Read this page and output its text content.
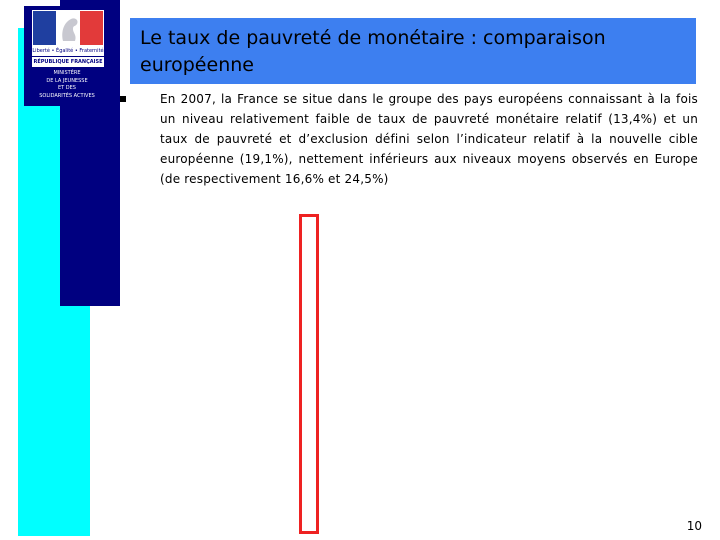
Liberté • Égalité • Fraternité
RÉPUBLIQUE FRANÇAISE
MINISTÈRE
DE LA JEUNESSE
ET DES
SOLIDARITÉS ACTIVES
Le taux de pauvreté de monétaire : comparaison
européenne
En 2007, la France se situe dans le groupe des pays européens connaissant à la fois un niveau relativement faible de taux de pauvreté monétaire relatif (13,4%) et un taux de pauvreté et d’exclusion défini selon l’indicateur relatif à la nouvelle cible européenne (19,1%), nettement inférieurs aux niveaux moyens observés en Europe (de respectivement 16,6% et 24,5%)
10
